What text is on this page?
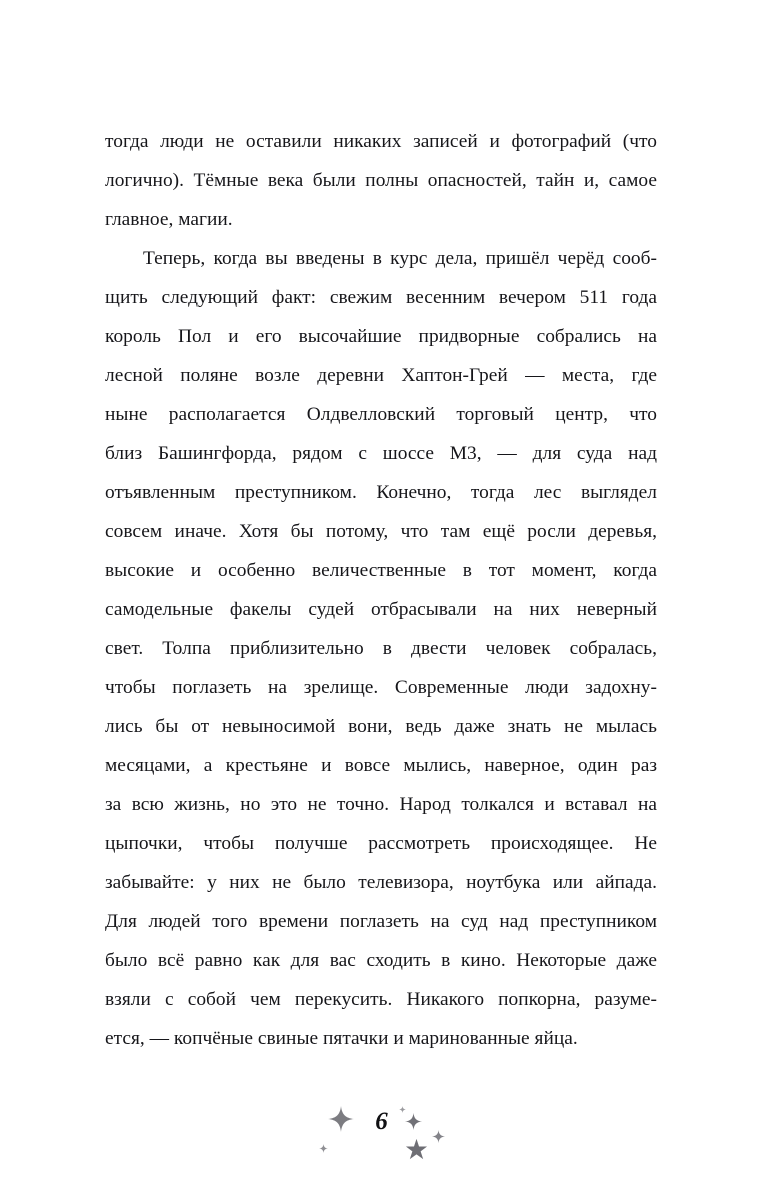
тогда люди не оставили никаких записей и фотографий (что
логично). Тёмные века были полны опасностей, тайн и, самое
главное, магии.

Теперь, когда вы введены в курс дела, пришёл черёд сооб-
щить следующий факт: свежим весенним вечером 511 года
король Пол и его высочайшие придворные собрались на
лесной поляне возле деревни Хаптон-Грей — места, где
ныне располагается Олдвелловский торговый центр, что
близ Башингфорда, рядом с шоссе М3, — для суда над
отъявленным преступником. Конечно, тогда лес выглядел
совсем иначе. Хотя бы потому, что там ещё росли деревья,
высокие и особенно величественные в тот момент, когда
самодельные факелы судей отбрасывали на них неверный
свет. Толпа приблизительно в двести человек собралась,
чтобы поглазеть на зрелище. Современные люди задохну-
лись бы от невыносимой вони, ведь даже знать не мылась
месяцами, а крестьяне и вовсе мылись, наверное, один раз
за всю жизнь, но это не точно. Народ толкался и вставал на
цыпочки, чтобы получше рассмотреть происходящее. Не
забывайте: у них не было телевизора, ноутбука или айпада.
Для людей того времени поглазеть на суд над преступником
было всё равно как для вас сходить в кино. Некоторые даже
взяли с собой чем перекусить. Никакого попкорна, разуме-
ется, — копчёные свиные пятачки и маринованные яйца.

6
